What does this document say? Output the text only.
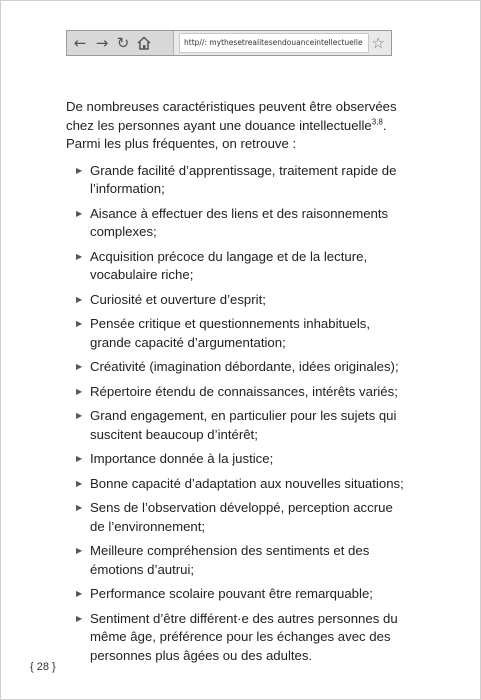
← → ↻	http//: mythesetrealitesendouanceintellectuelle ☆

De nombreuses caractéristiques peuvent être observées chez les personnes ayant une douance intellectuelle$^{3,8}$. Parmi les plus fréquentes, on retrouve :

▶ Grande facilité d’apprentissage, traitement rapide de l’information;
▶ Aisance à effectuer des liens et des raisonnements complexes;
▶ Acquisition précoce du langage et de la lecture, vocabulaire riche;
▶ Curiosité et ouverture d’esprit;
▶ Pensée critique et questionnements inhabituels, grande capacité d’argumentation;
▶ Créativité (imagination débordante, idées originales);
▶ Répertoire étendu de connaissances, intérêts variés;
▶ Grand engagement, en particulier pour les sujets qui suscitent beaucoup d’intérêt;
▶ Importance donnée à la justice;
▶ Bonne capacité d’adaptation aux nouvelles situations;
▶ Sens de l’observation développé, perception accrue de l’environnement;
▶ Meilleure compréhension des sentiments et des émotions d’autrui;
▶ Performance scolaire pouvant être remarquable;
▶ Sentiment d’être différent·e des autres personnes du même âge, préférence pour les échanges avec des personnes plus âgées ou des adultes.
{ 28 }
